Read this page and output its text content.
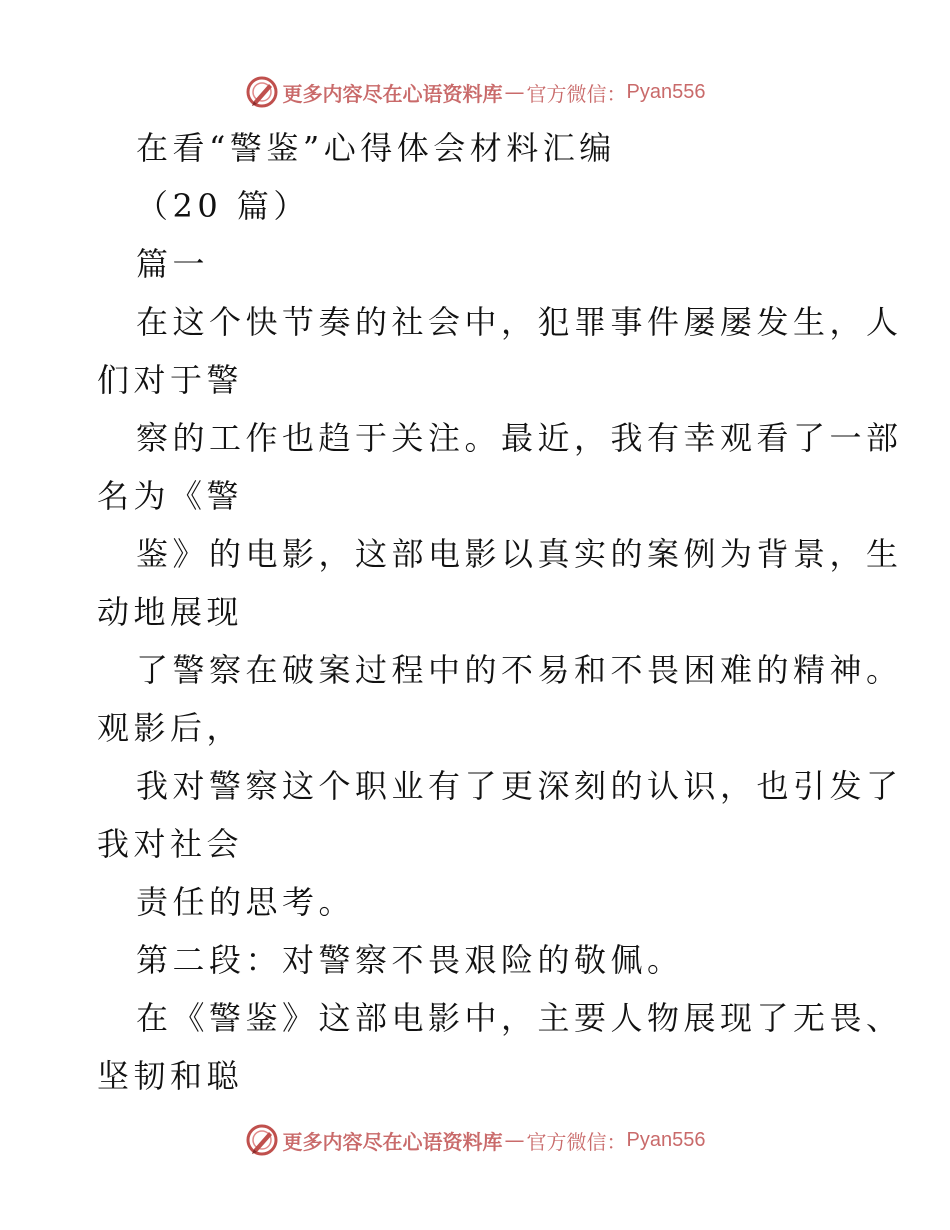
更多内容尽在心语资料库 — 官方微信： Pyan556
在看“警鉴”心得体会材料汇编
（20 篇）
篇一
在这个快节奏的社会中，犯罪事件屡屡发生，人
们对于警
察的工作也趋于关注。最近，我有幸观看了一部
名为《警
鉴》的电影，这部电影以真实的案例为背景，生
动地展现
了警察在破案过程中的不易和不畏困难的精神。
观影后，
我对警察这个职业有了更深刻的认识，也引发了
我对社会
责任的思考。
第二段：对警察不畏艰险的敬佩。
在《警鉴》这部电影中，主要人物展现了无畏、
坚韧和聪
更多内容尽在心语资料库 — 官方微信： Pyan556
